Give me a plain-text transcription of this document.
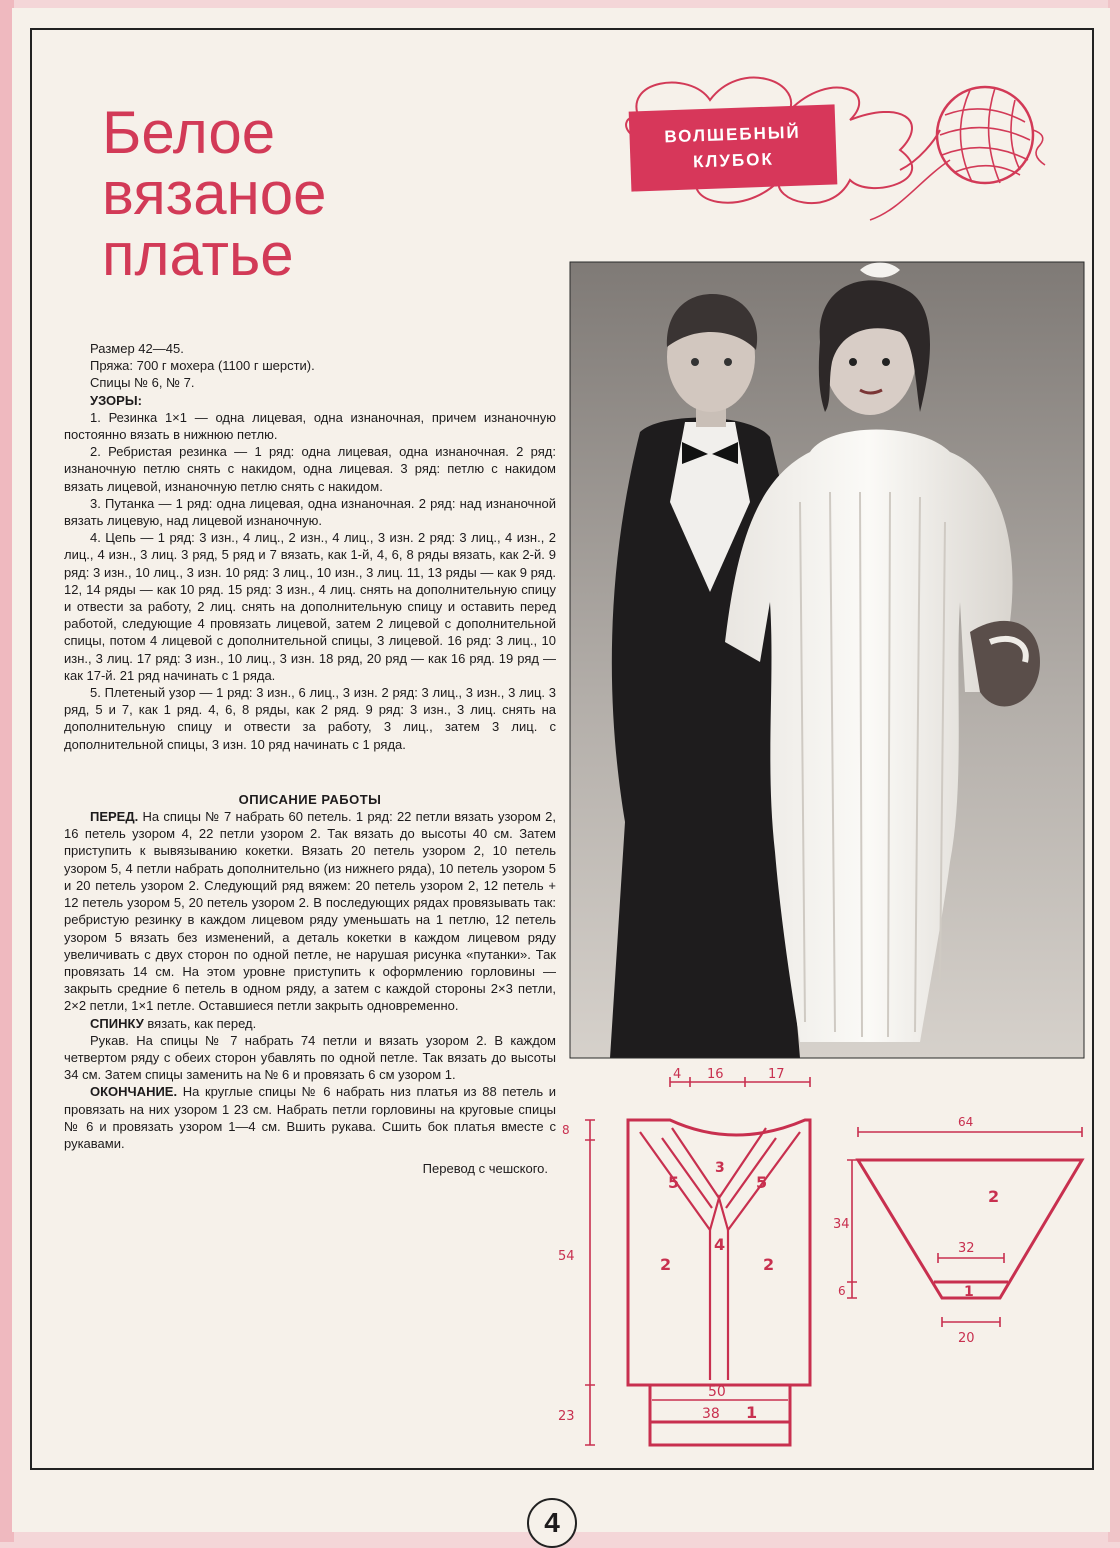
Белое
вязаное
платье
ВОЛШЕБНЫЙ
КЛУБОК

Размер 42—45.

Пряжа: 700 г мохера (1100 г шерсти).

Спицы № 6, № 7.

УЗОРЫ:

1. Резинка 1×1 — одна лицевая, одна изнаночная, причем изнаночную постоянно вязать в нижнюю петлю.

2. Ребристая резинка — 1 ряд: одна лицевая, одна изнаночная. 2 ряд: изнаночную петлю снять с накидом, одна лицевая. 3 ряд: петлю с накидом вязать лицевой, изнаночную петлю снять с накидом.

3. Путанка — 1 ряд: одна лицевая, одна изнаночная. 2 ряд: над изнаночной вязать лицевую, над лицевой изнаночную.

4. Цепь — 1 ряд: 3 изн., 4 лиц., 2 изн., 4 лиц., 3 изн. 2 ряд: 3 лиц., 4 изн., 2 лиц., 4 изн., 3 лиц. 3 ряд, 5 ряд и 7 вязать, как 1-й, 4, 6, 8 ряды вязать, как 2-й. 9 ряд: 3 изн., 10 лиц., 3 изн. 10 ряд: 3 лиц., 10 изн., 3 лиц. 11, 13 ряды — как 9 ряд. 12, 14 ряды — как 10 ряд. 15 ряд: 3 изн., 4 лиц. снять на дополнительную спицу и отвести за работу, 2 лиц. снять на дополнительную спицу и оставить перед работой, следующие 4 провязать лицевой, затем 2 лицевой с дополнительной спицы, потом 4 лицевой с дополнительной спицы, 3 лицевой. 16 ряд: 3 лиц., 10 изн., 3 лиц. 17 ряд: 3 изн., 10 лиц., 3 изн. 18 ряд, 20 ряд — как 16 ряд. 19 ряд — как 17-й. 21 ряд начинать с 1 ряда.

5. Плетеный узор — 1 ряд: 3 изн., 6 лиц., 3 изн. 2 ряд: 3 лиц., 3 изн., 3 лиц. 3 ряд, 5 и 7, как 1 ряд. 4, 6, 8 ряды, как 2 ряд. 9 ряд: 3 изн., 3 лиц. снять на дополнительную спицу и отвести за работу, 3 лиц., затем 3 лиц. с дополнительной спицы, 3 изн. 10 ряд начинать с 1 ряда.

ОПИСАНИЕ РАБОТЫ

ПЕРЕД. На спицы № 7 набрать 60 петель. 1 ряд: 22 петли вязать узором 2, 16 петель узором 4, 22 петли узором 2. Так вязать до высоты 40 см. Затем приступить к вывязыванию кокетки. Вязать 20 петель узором 2, 10 петель узором 5, 4 петли набрать дополнительно (из нижнего ряда), 10 петель узором 5 и 20 петель узором 2. Следующий ряд вяжем: 20 петель узором 2, 12 петель + 12 петель узором 5, 20 петель узором 2. В последующих рядах провязывать так: ребристую резинку в каждом лицевом ряду уменьшать на 1 петлю, 12 петель узором 5 вязать без изменений, а деталь кокетки в каждом лицевом ряду увеличивать с двух сторон по одной петле, не нарушая рисунка «путанки». Так провязать 14 см. На этом уровне приступить к оформлению горловины — закрыть средние 6 петель в одном ряду, а затем с каждой стороны 2×3 петли, 2×2 петли, 1×1 петле. Оставшиеся петли закрыть одновременно.

СПИНКУ вязать, как перед.

Рукав. На спицы № 7 набрать 74 петли и вязать узором 2. В каждом четвертом ряду с обеих сторон убавлять по одной петле. Так вязать до высоты 34 см. Затем спицы заменить на № 6 и провязать 6 см узором 1.

ОКОНЧАНИЕ. На круглые спицы № 6 набрать низ платья из 88 петель и провязать на них узором 1 23 см. Набрать петли горловины на круговые спицы № 6 и провязать узором 1—4 см. Вшить рукава. Сшить бок платья вместе с рукавами.

Перевод с чешского.

4 16	17
8
54
23
50
38
5
3
5
2
4
2
1
64
34
6
32
20
2
1
4
